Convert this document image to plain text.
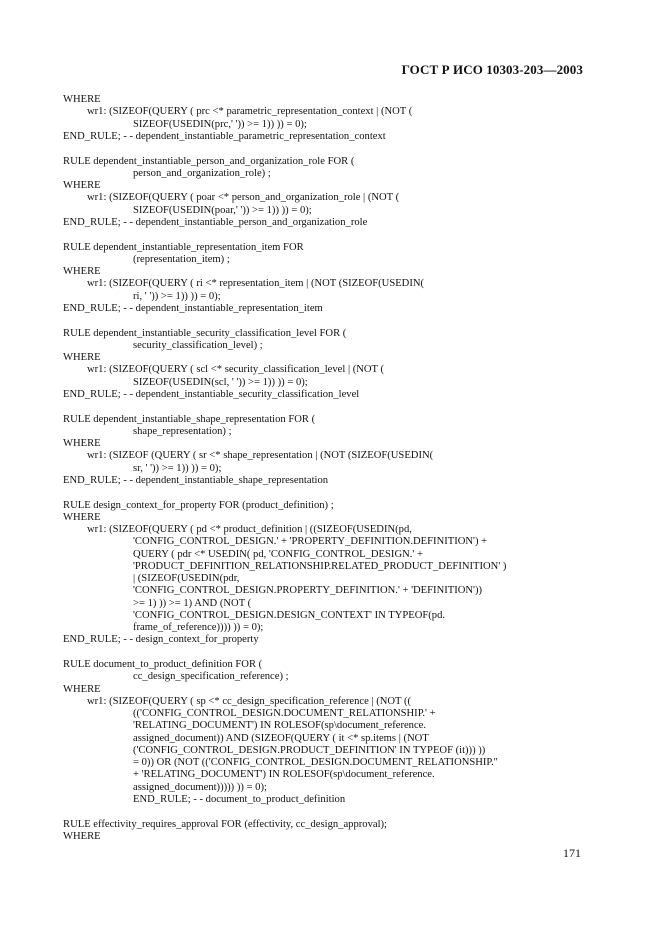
ГОСТ Р ИСО 10303-203—2003
WHERE
wr1: (SIZEOF(QUERY ( prc <* parametric_representation_context | (NOT (
SIZEOF(USEDIN(prc,' ')) >= 1)) )) = 0);
END_RULE; - - dependent_instantiable_parametric_representation_context
RULE dependent_instantiable_person_and_organization_role FOR (
person_and_organization_role) ;
WHERE
wr1: (SIZEOF(QUERY ( poar <* person_and_organization_role | (NOT (
SIZEOF(USEDIN(poar,' ')) >= 1)) )) = 0);
END_RULE; - - dependent_instantiable_person_and_organization_role
RULE dependent_instantiable_representation_item FOR
(representation_item) ;
WHERE
wr1: (SIZEOF(QUERY ( ri <* representation_item | (NOT (SIZEOF(USEDIN(
ri, ' ')) >= 1)) )) = 0);
END_RULE; - - dependent_instantiable_representation_item
RULE dependent_instantiable_security_classification_level FOR (
security_classification_level) ;
WHERE
wr1: (SIZEOF(QUERY ( scl <* security_classification_level | (NOT (
SIZEOF(USEDIN(scl, ' ')) >= 1)) )) = 0);
END_RULE; - - dependent_instantiable_security_classification_level
RULE dependent_instantiable_shape_representation FOR (
shape_representation) ;
WHERE
wr1: (SIZEOF (QUERY ( sr <* shape_representation | (NOT (SIZEOF(USEDIN(
sr, ' ')) >= 1)) )) = 0);
END_RULE; - - dependent_instantiable_shape_representation
RULE design_context_for_property FOR (product_definition) ;
WHERE
wr1: (SIZEOF(QUERY ( pd <* product_definition | ((SIZEOF(USEDIN(pd,
'CONFIG_CONTROL_DESIGN.' + 'PROPERTY_DEFINITION.DEFINITION') +
QUERY ( pdr <* USEDIN( pd, 'CONFIG_CONTROL_DESIGN.' +
'PRODUCT_DEFINITION_RELATIONSHIP.RELATED_PRODUCT_DEFINITION' )
| (SIZEOF(USEDIN(pdr,
'CONFIG_CONTROL_DESIGN.PROPERTY_DEFINITION.' + 'DEFINITION'))
>= 1) )) >= 1) AND (NOT (
'CONFIG_CONTROL_DESIGN.DESIGN_CONTEXT' IN TYPEOF(pd.
frame_of_reference)))) )) = 0);
END_RULE; - - design_context_for_property
RULE document_to_product_definition FOR (
cc_design_specification_reference) ;
WHERE
wr1: (SIZEOF(QUERY ( sp <* cc_design_specification_reference | (NOT ((
(('CONFIG_CONTROL_DESIGN.DOCUMENT_RELATIONSHIP.' +
'RELATING_DOCUMENT') IN ROLESOF(sp\document_reference.
assigned_document)) AND (SIZEOF(QUERY ( it <* sp.items | (NOT
('CONFIG_CONTROL_DESIGN.PRODUCT_DEFINITION' IN TYPEOF (it))) ))
= 0)) OR (NOT (('CONFIG_CONTROL_DESIGN.DOCUMENT_RELATIONSHIP.''
+ 'RELATING_DOCUMENT') IN ROLESOF(sp\document_reference.
assigned_document))))) )) = 0);
END_RULE; - - document_to_product_definition
RULE effectivity_requires_approval FOR (effectivity, cc_design_approval);
WHERE
171
